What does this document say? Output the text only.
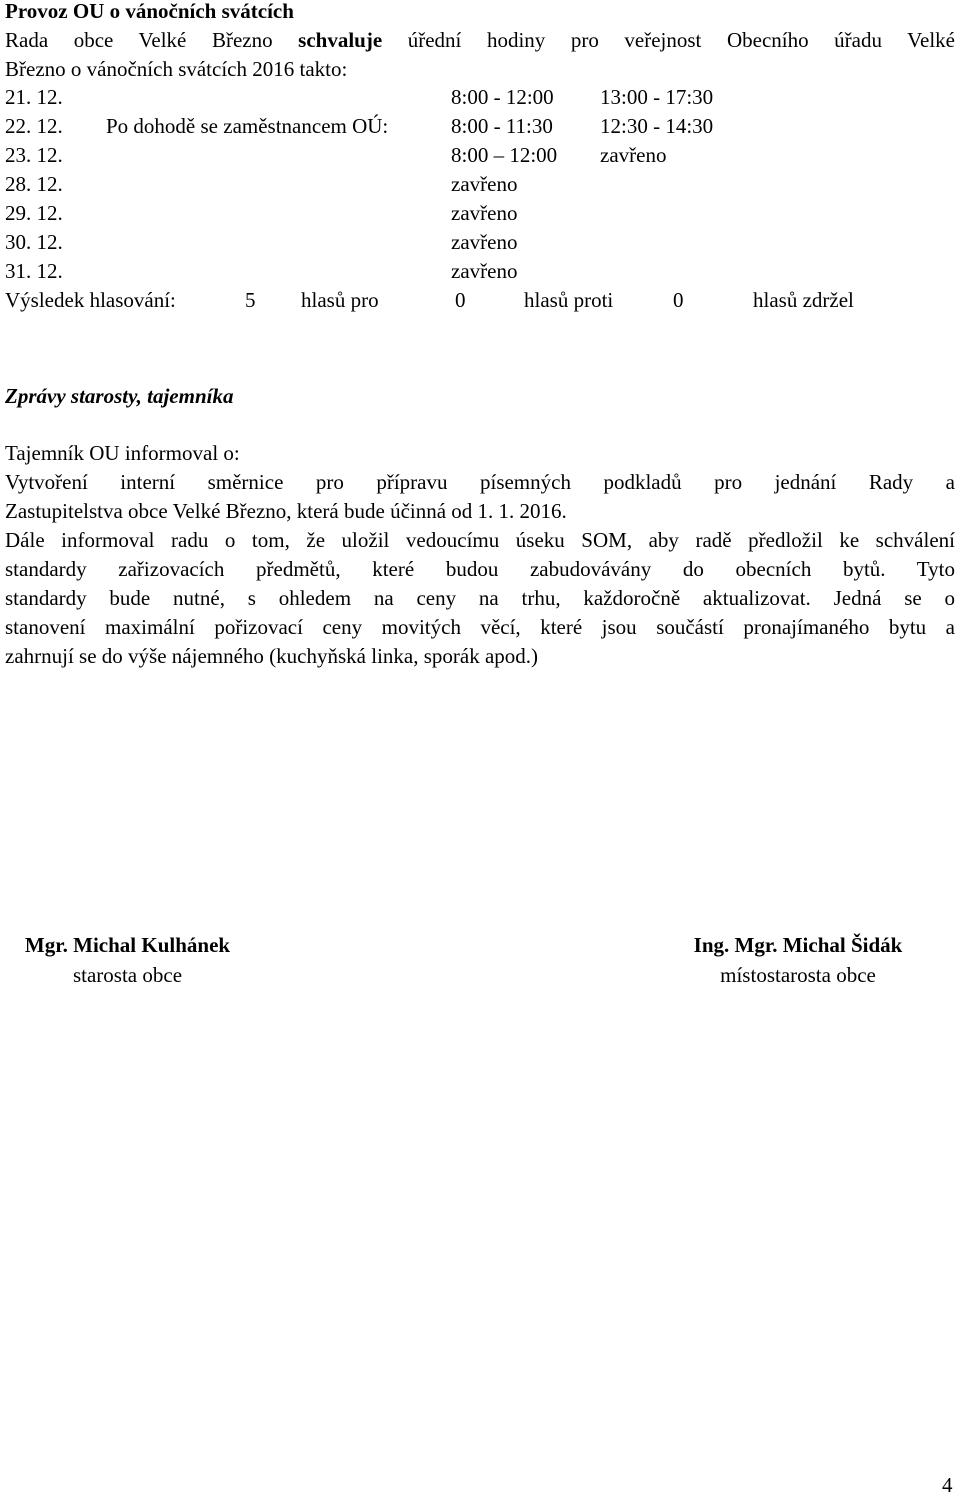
Provoz OU o vánočních svátcích
Rada obce Velké Březno schvaluje úřední hodiny pro veřejnost Obecního úřadu Velké
Březno o vánočních svátcích 2016 takto:
21. 12.	8:00 - 12:00 13:00 - 17:30
22. 12. Po dohodě se zaměstnancem OÚ:	8:00 - 11:30 12:30 - 14:30
23. 12.	8:00 – 12:00 zavřeno
28. 12.	zavřeno
29. 12.	zavřeno
30. 12.	zavřeno
31. 12.	zavřeno
Výsledek hlasování:	5 hlasů pro	0	hlasů proti	0	hlasů zdržel
Zprávy starosty, tajemníka
Tajemník OU informoval o:
Vytvoření interní směrnice pro přípravu písemných podkladů pro jednání Rady a
Zastupitelstva obce Velké Březno, která bude účinná od 1. 1. 2016.
Dále informoval radu o tom, že uložil vedoucímu úseku SOM, aby radě předložil ke schválení
standardy zařizovacích předmětů, které budou zabudovávány do obecních bytů. Tyto
standardy bude nutné, s ohledem na ceny na trhu, každoročně aktualizovat. Jedná se o
stanovení maximální pořizovací ceny movitých věcí, které jsou součástí pronajímaného bytu a
zahrnují se do výše nájemného (kuchyňská linka, sporák apod.)
Mgr. Michal Kulhánek
starosta obce
Ing. Mgr. Michal Šidák
místostarosta obce
4
